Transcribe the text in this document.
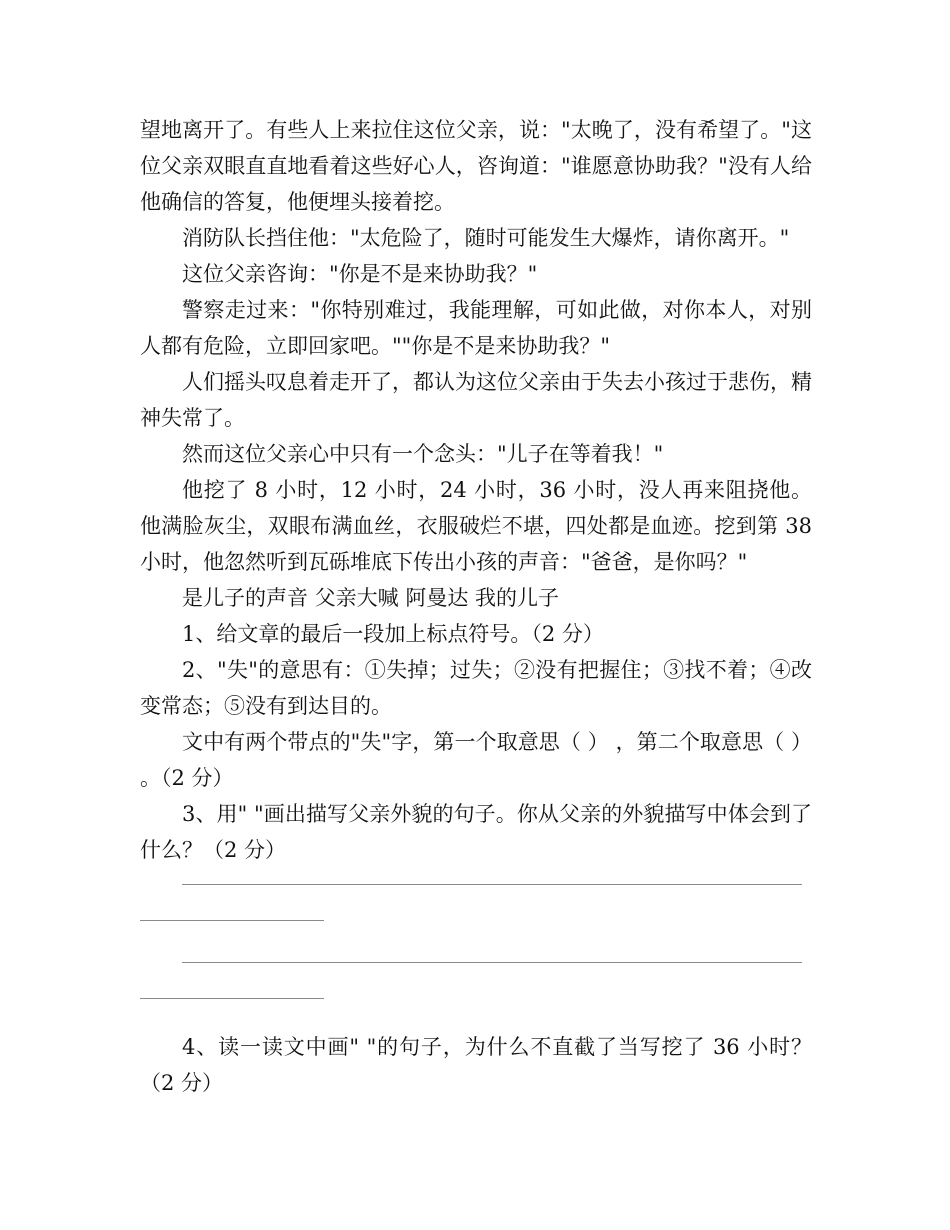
望地离开了。有些人上来拉住这位父亲，说："太晚了，没有希望了。"这位父亲双眼直直地看着这些好心人，咨询道："谁愿意协助我？"没有人给他确信的答复，他便埋头接着挖。

消防队长挡住他："太危险了，随时可能发生大爆炸，请你离开。"

这位父亲咨询："你是不是来协助我？"

警察走过来："你特别难过，我能理解，可如此做，对你本人，对别人都有危险，立即回家吧。""你是不是来协助我？"

人们摇头叹息着走开了，都认为这位父亲由于失去小孩过于悲伤，精神失常了。

然而这位父亲心中只有一个念头："儿子在等着我！"

他挖了 8 小时，12 小时，24 小时，36 小时，没人再来阻挠他。他满脸灰尘，双眼布满血丝，衣服破烂不堪，四处都是血迹。挖到第 38 小时，他忽然听到瓦砾堆底下传出小孩的声音："爸爸，是你吗？"

是儿子的声音 父亲大喊 阿曼达 我的儿子

1、给文章的最后一段加上标点符号。（2 分）

2、"失"的意思有：①失掉；过失；②没有把握住；③找不着；④改变常态；⑤没有到达目的。

文中有两个带点的"失"字，第一个取意思（ ） ，第二个取意思（ ） 。（2 分）

3、用" "画出描写父亲外貌的句子。你从父亲的外貌描写中体会到了什么？（2 分）

4、读一读文中画" "的句子，为什么不直截了当写挖了 36 小时？（2 分）
